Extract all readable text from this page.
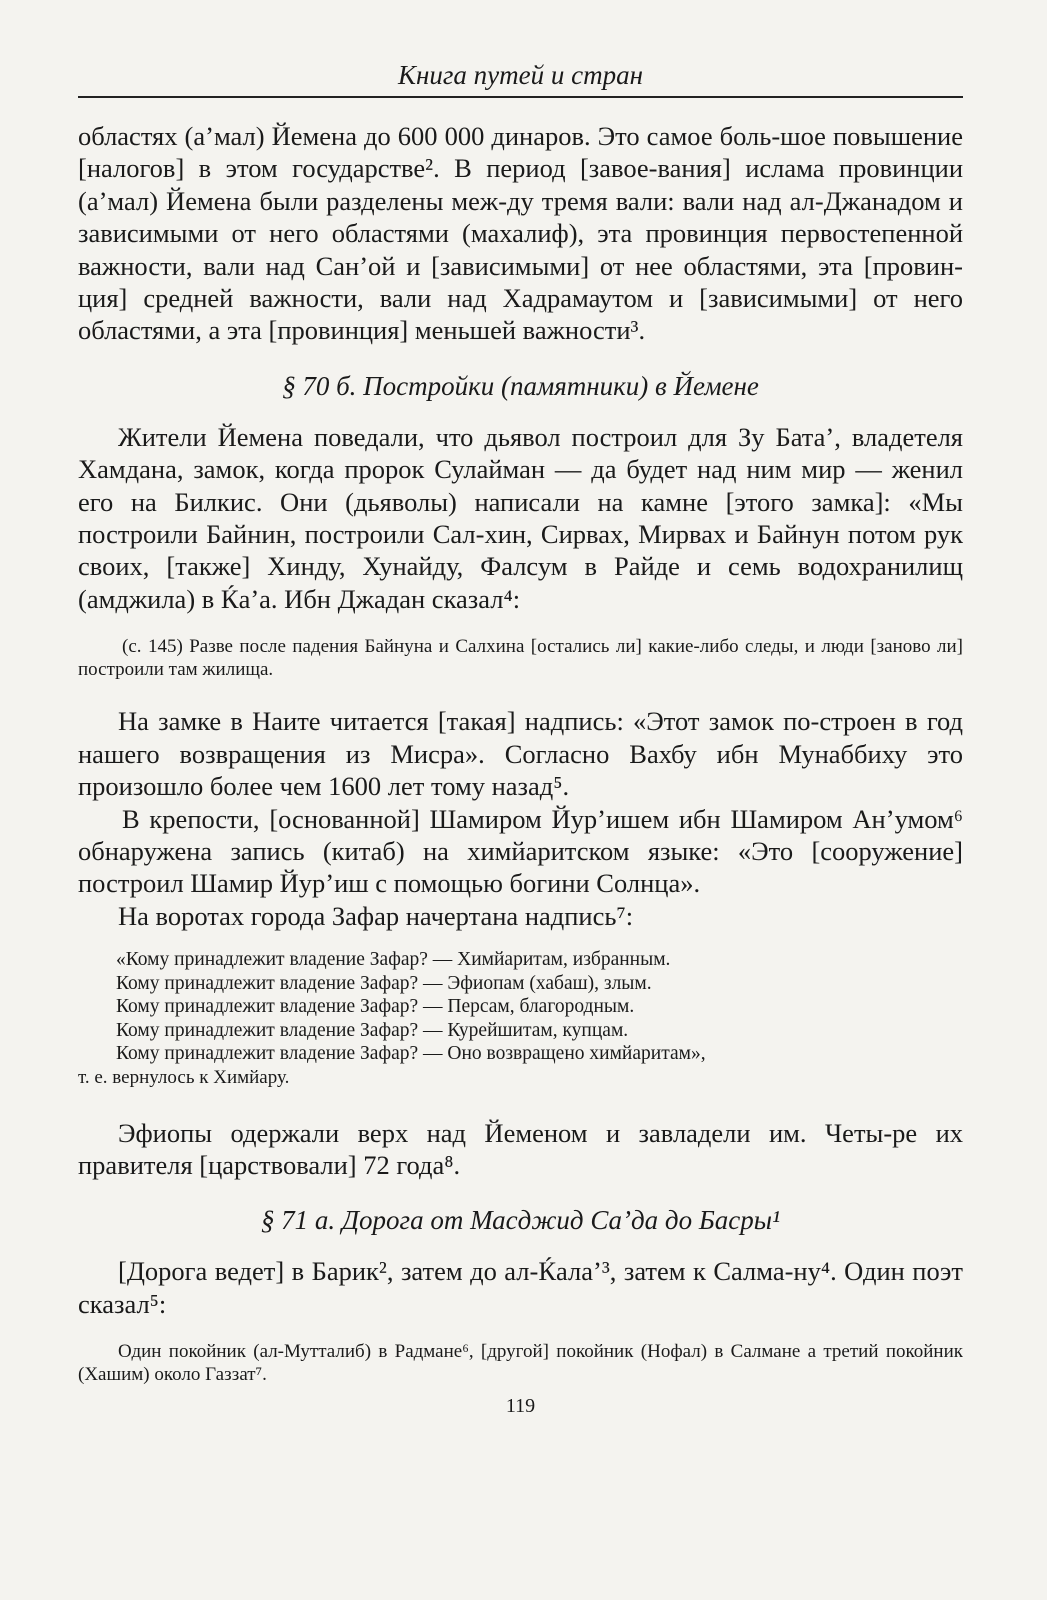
Книга путей и стран

областях (а’мал) Йемена до 600 000 динаров. Это самое боль-шое повышение [налогов] в этом государстве². В период [завое-вания] ислама провинции (а’мал) Йемена были разделены меж-ду тремя вали: вали над ал-Джанадом и зависимыми от него областями (махалиф), эта провинция первостепенной важности, вали над Сан’ой и [зависимыми] от нее областями, эта [провин-ция] средней важности, вали над Хадрамаутом и [зависимыми] от него областями, а эта [провинция] меньшей важности³.

§ 70 б. Постройки (памятники) в Йемене

Жители Йемена поведали, что дьявол построил для Зу Бата’, владетеля Хамдана, замок, когда пророк Сулайман — да будет над ним мир — женил его на Билкис. Они (дьяволы) написали на камне [этого замка]: «Мы построили Байнин, построили Сал-хин, Сирвах, Мирвах и Байнун потом рук своих, [также] Хинду, Хунайду, Фалсум в Райде и семь водохранилищ (амджила) в Ќа’а. Ибн Джадан сказал⁴:

(с. 145) Разве после падения Байнуна и Салхина [остались ли] какие-либо следы, и люди [заново ли] построили там жилища.

На замке в Наите читается [такая] надпись: «Этот замок по-строен в год нашего возвращения из Мисра». Согласно Вахбу ибн Мунаббиху это произошло более чем 1600 лет тому назад⁵.

В крепости, [основанной] Шамиром Йур’ишем ибн Шамиром Ан’умом⁶ обнаружена запись (китаб) на химйаритском языке: «Это [сооружение] построил Шамир Йур’иш с помощью богини Солнца».

На воротах города Зафар начертана надпись⁷:

«Кому принадлежит владение Зафар? — Химйаритам, избранным.
Кому принадлежит владение Зафар? — Эфиопам (хабаш), злым.
Кому принадлежит владение Зафар? — Персам, благородным.
Кому принадлежит владение Зафар? — Курейшитам, купцам.
Кому принадлежит владение Зафар? — Оно возвращено химйаритам»,
т. е. вернулось к Химйару.

Эфиопы одержали верх над Йеменом и завладели им. Четы-ре их правителя [царствовали] 72 года⁸.

§ 71 а. Дорога от Масджид Са’да до Басры¹

[Дорога ведет] в Барик², затем до ал-Ќала’³, затем к Салма-ну⁴. Один поэт сказал⁵:

Один покойник (ал-Мутталиб) в Радмане⁶, [другой] покойник (Нофал) в Салмане а третий покойник (Хашим) около Газзат⁷.

119
